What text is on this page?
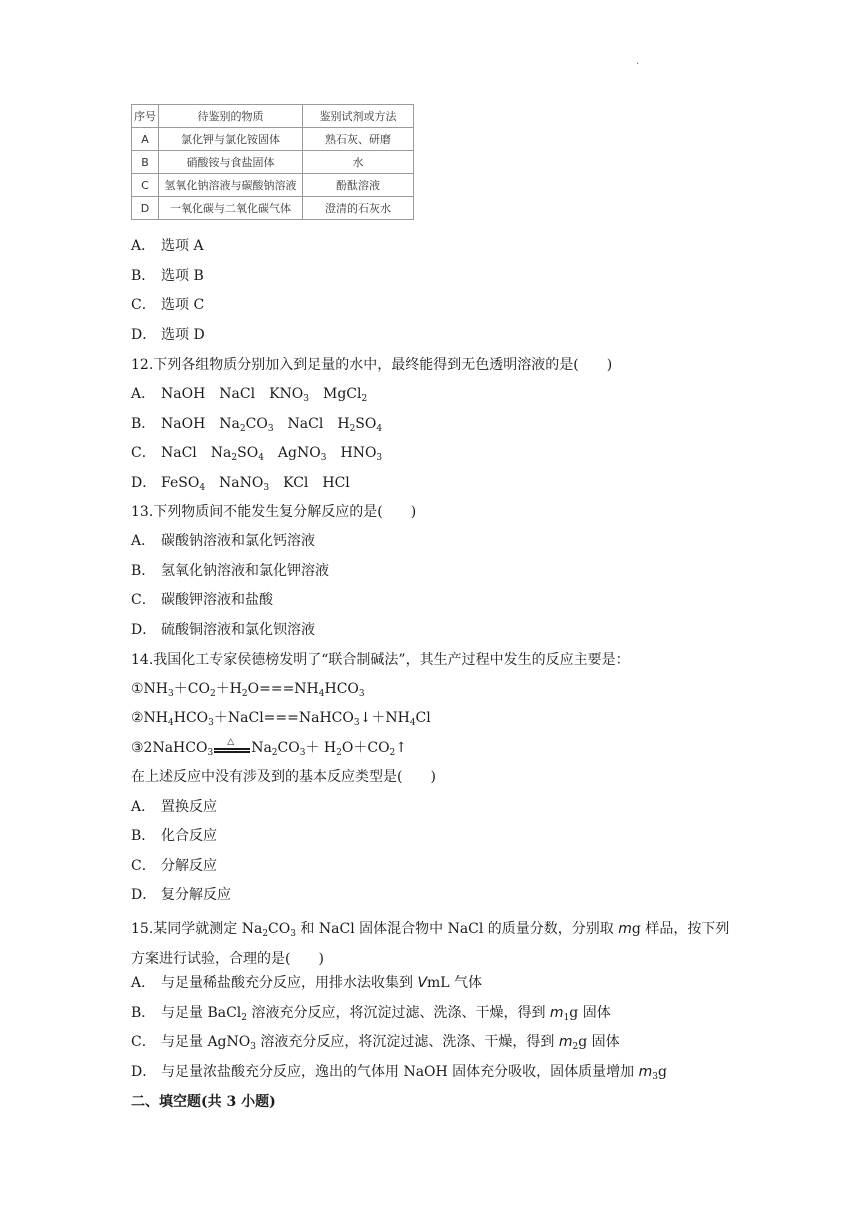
.
序号	待鉴别的物质	鉴别试剂或方法
A	氯化钾与氯化铵固体	熟石灰、研磨
B	硝酸铵与食盐固体	水
C	氢氧化钠溶液与碳酸钠溶液	酚酞溶液
D	一氧化碳与二氧化碳气体	澄清的石灰水
A． 选项 A
B． 选项 B
C． 选项 C
D． 选项 D
12.下列各组物质分别加入到足量的水中，最终能得到无色透明溶液的是(　　)
A． NaOH　NaCl　$KNO_3$　MgCl$_2$
B． NaOH　$Na_2CO_3$　NaCl　$H_2SO_4$
C． NaCl　$Na_2SO_4$　AgNO$_3$　$HNO_3$
D． FeSO$_4$　NaNO$_3$　KCl　HCl
13.下列物质间不能发生复分解反应的是(　　)
A． 碳酸钠溶液和氯化钙溶液
B． 氢氧化钠溶液和氯化钾溶液
C． 碳酸钾溶液和盐酸
D． 硫酸铜溶液和氯化钡溶液
14.我国化工专家侯德榜发明了“联合制碱法”，其生产过程中发生的反应主要是：
$①NH_3+CO_2+H_2O===NH_4HCO_3$
$②NH_4HCO_3+NaCl===NaHCO_3↓+NH_4Cl$
③2NaHCO$_3$
△ $Na_2CO_3+$ $H_2O+CO_2↑$
在上述反应中没有涉及到的基本反应类型是(　　)
A． 置换反应
B． 化合反应
C． 分解反应
D． 复分解反应
15.某同学就测定 $Na_2CO_3$ 和 NaCl 固体混合物中 NaCl 的质量分数，分别取 mg 样品，按下列方案进行试验，合理的是(　　)
A． 与足量稀盐酸充分反应，用排水法收集到 VmL 气体
B． 与足量 BaCl$_2$ 溶液充分反应，将沉淀过滤、洗涤、干燥，得到 $m_1g$ 固体
C． 与足量 AgNO$_3$ 溶液充分反应，将沉淀过滤、洗涤、干燥，得到 $m_2g$ 固体
D． 与足量浓盐酸充分反应，逸出的气体用 NaOH 固体充分吸收，固体质量增加 $m_3g$
二、填空题(共 3 小题)
